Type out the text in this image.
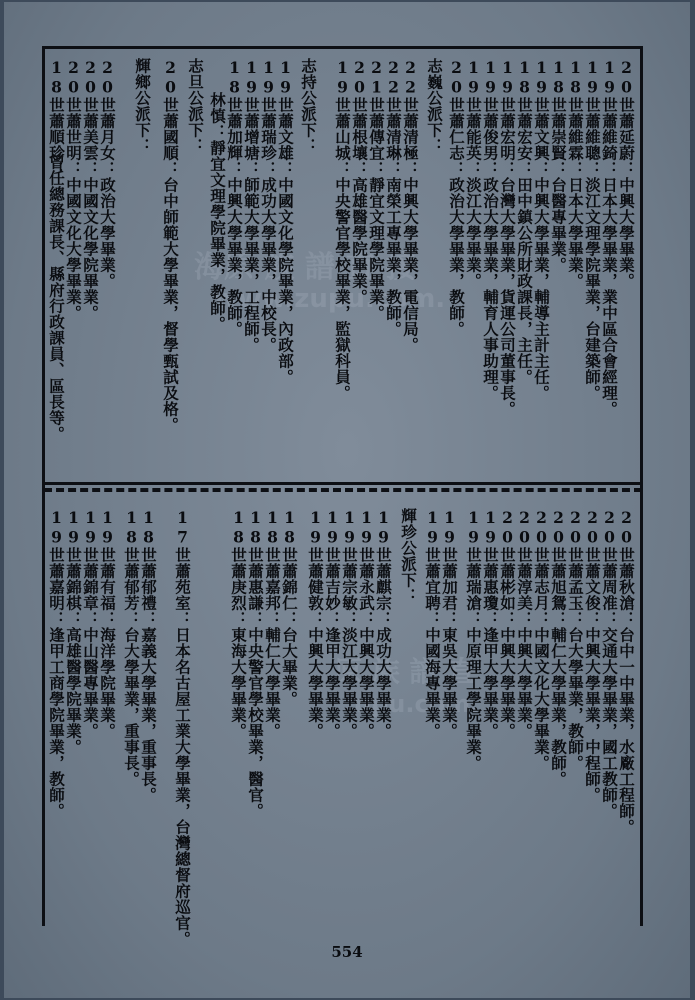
海原 族 譜 直 接
www.zupu.com.
原 族 譜 直
upu.com.
20世蕭延蔚：中興大學畢業。
19世蕭維錡：日本大學畢業，業中區合會經理。
19世蕭維聰：淡江文理學院畢業，台建築師。
18世蕭維霖：日本大學畢業。
18世蕭崇賢：台醫專畢業。
19世蕭文興：中興大學畢業，輔導主計主任。
18世蕭宏安：田中鎮公所財政課長，主任。
19世蕭宏明：台灣大學畢業，貨運公司董事長。
19世蕭俊男：政治大學畢業，輔育人事助理。
19世蕭能英：淡江大學畢業。
20世蕭仁志：政治大學畢業，教師。
志巍公派下：
22世蕭清極：中興大學畢業，電信局。
22世蕭清琳：南榮工專畢業，教師。
21世蕭傳宜：靜宜文理學院畢業。
20世蕭根壤：高雄醫學院畢業。
19世蕭山城：中央警官學校畢業，監獄科員。
志持公派下：
19世蕭文雄：中國文化學院畢業，內政部。
19世蕭瑞珍：成功大學畢業，中校長。
19世蕭增塘：師範大學畢業，工程師。
18世蕭加輝：中興大學畢業，教師。
林慎：靜宜文理學院畢業，教師。
志旦公派下：
20世蕭國順：台中師範大學畢業，督學甄試及格。
輝鄉公派下：
18世蕭順珍：
20世蕭世明：中國文化大學畢業。
20世蕭美雲：中國文化學院畢業。
20世蕭月女：政治大學畢業。
曾任總務課長、縣府行政課員、區長等。
20世蕭秋滄：台中一中畢業，水廠工程師。
20世蕭周准：交通大學畢業，國工教師。
20世蕭文俊：中興大學畢業，中程師。
20世蕭孟玉：台大學畢業，教師。
20世蕭旭鴛：輔仁大學畢業，教師。
20世蕭志月：中國文化大學畢業。
20世蕭淳美：中興大學畢業。
20世蕭彬如：中興大學畢業。
19世蕭惠瓊：逢甲大學畢業。
19世蕭瑞滄：中原理工學院畢業。
19世蕭加君：東吳大學畢業。
19世蕭宜聘：中國海專畢業。
輝珍公派下：
19世蕭麒宗：成功大學畢業。
19世蕭永武：中興大學畢業。
19世蕭宗敏：淡江大學畢業。
19世蕭吉妙：逢甲大學畢業。
19世蕭健敦：中興大學畢業。
18世蕭錦仁：台大畢業。
18世蕭嘉邦：輔仁大學畢業。
18世蕭惠謙：中央警官學校畢業，醫官。
18世蕭庚烈：東海大學畢業。
17世蕭苑室：日本名古屋工業大學畢業，台灣總督府巡官。
18世蕭郁禮：嘉義大學畢業，重事長。
18世蕭郁芳：台大學畢業，重事長。
19世蕭有福：海洋學院畢業。
19世蕭錦章：中山醫專畢業。
19世蕭錦棋：高雄醫學院畢業。
19世蕭嘉明：逢甲工商學院畢業，教師。
554
